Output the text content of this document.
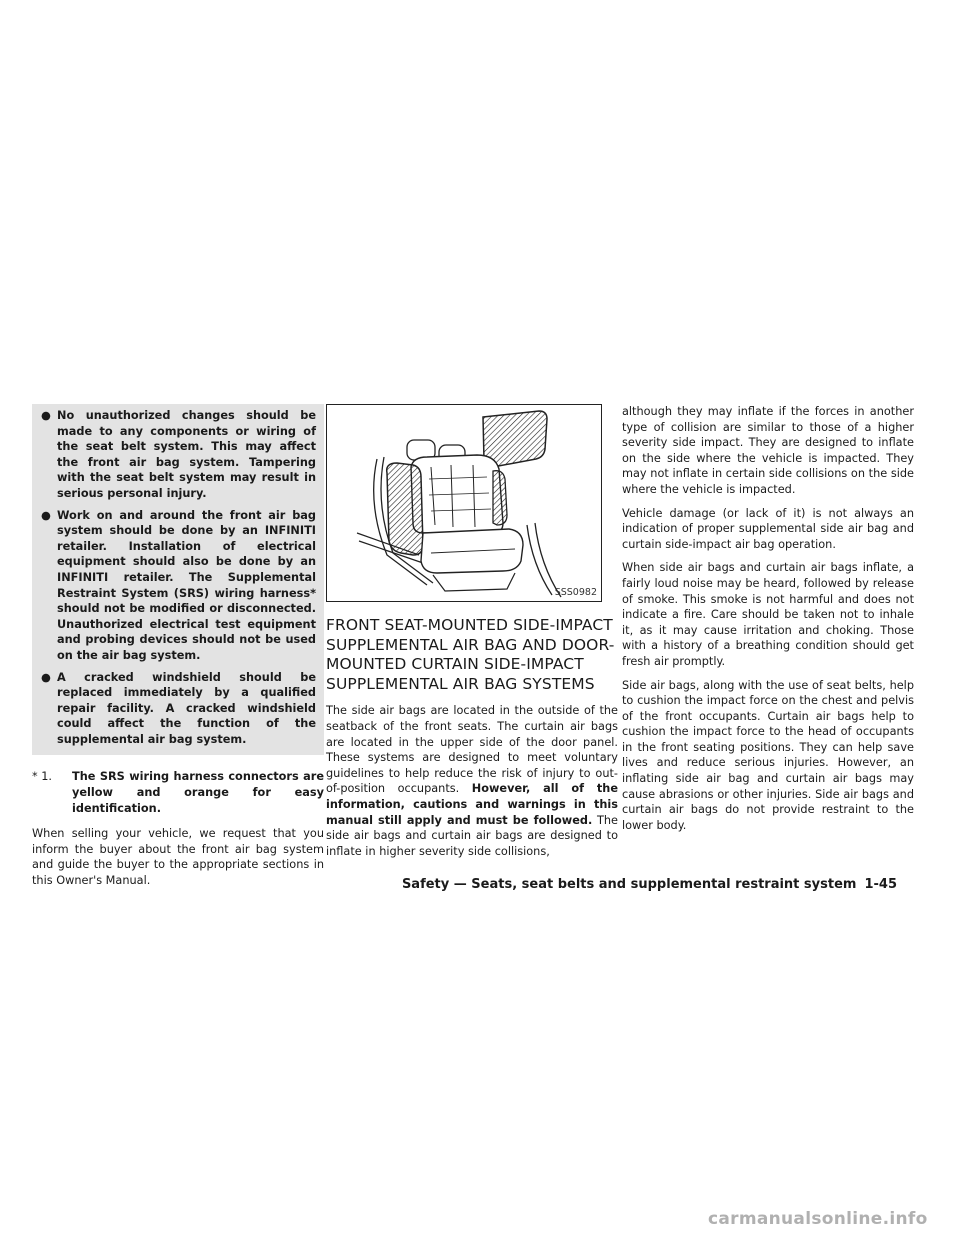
● No unauthorized changes should be made to any components or wiring of the seat belt system. This may affect the front air bag system. Tampering with the seat belt system may result in serious personal injury.
● Work on and around the front air bag system should be done by an INFINITI retailer. Installation of electrical equipment should also be done by an INFINITI retailer. The Supplemental Restraint System (SRS) wiring harness* should not be modified or disconnected. Unauthorized electrical test equipment and probing devices should not be used on the air bag system.
● A cracked windshield should be replaced immediately by a qualified repair facility. A cracked windshield could affect the function of the supplemental air bag system.
* 1. The SRS wiring harness connectors are yellow and orange for easy identification.

When selling your vehicle, we request that you inform the buyer about the front air bag system and guide the buyer to the appropriate sections in this Owner's Manual.

SSS0982
FRONT SEAT-MOUNTED SIDE-IMPACT SUPPLEMENTAL AIR BAG AND DOOR-MOUNTED CURTAIN SIDE-IMPACT SUPPLEMENTAL AIR BAG SYSTEMS

The side air bags are located in the outside of the seatback of the front seats. The curtain air bags are located in the upper side of the door panel. These systems are designed to meet voluntary guidelines to help reduce the risk of injury to out-of-position occupants. However, all of the information, cautions and warnings in this manual still apply and must be followed. The side air bags and curtain air bags are designed to inflate in higher severity side collisions,

although they may inflate if the forces in another type of collision are similar to those of a higher severity side impact. They are designed to inflate on the side where the vehicle is impacted. They may not inflate in certain side collisions on the side where the vehicle is impacted.

Vehicle damage (or lack of it) is not always an indication of proper supplemental side air bag and curtain side-impact air bag operation.

When side air bags and curtain air bags inflate, a fairly loud noise may be heard, followed by release of smoke. This smoke is not harmful and does not indicate a fire. Care should be taken not to inhale it, as it may cause irritation and choking. Those with a history of a breathing condition should get fresh air promptly.

Side air bags, along with the use of seat belts, help to cushion the impact force on the chest and pelvis of the front occupants. Curtain air bags help to cushion the impact force to the head of occupants in the front seating positions. They can help save lives and reduce serious injuries. However, an inflating side air bag and curtain air bags may cause abrasions or other injuries. Side air bags and curtain air bags do not provide restraint to the lower body.

Safety — Seats, seat belts and supplemental restraint system 1-45
carmanualsonline.info
